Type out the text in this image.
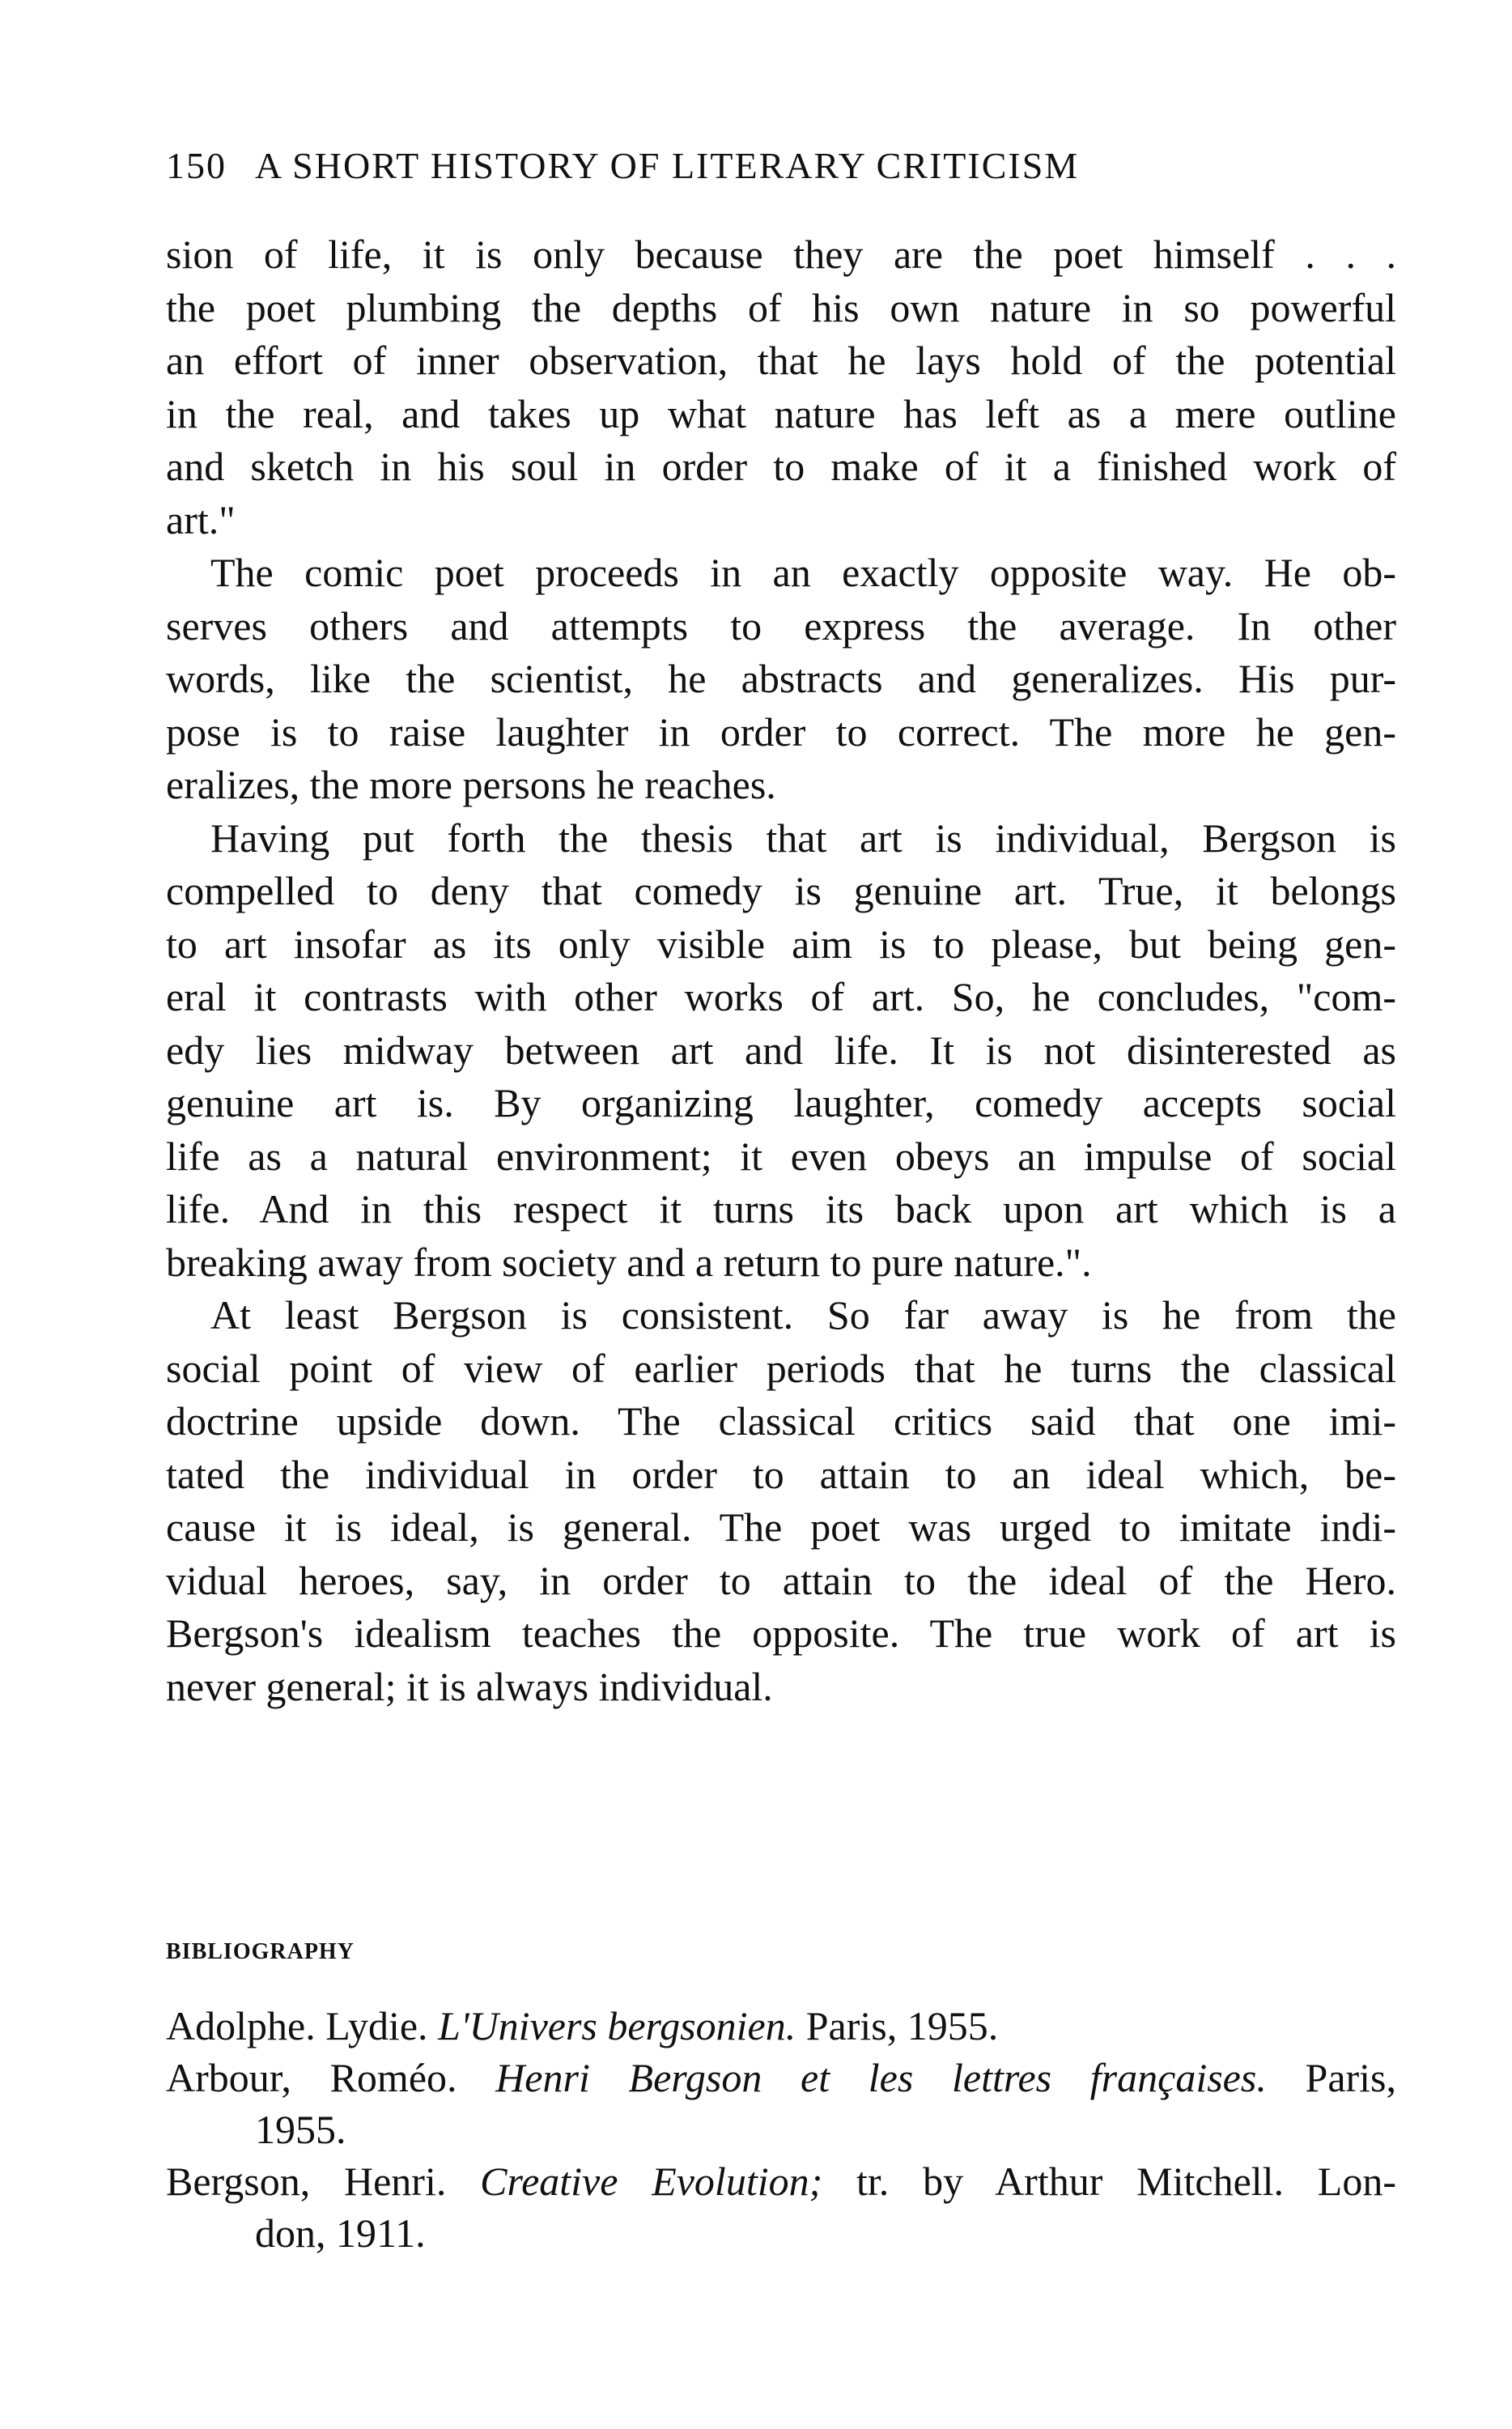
150 A SHORT HISTORY OF LITERARY CRITICISM
sion of life, it is only because they are the poet himself . . .
the poet plumbing the depths of his own nature in so powerful
an effort of inner observation, that he lays hold of the potential
in the real, and takes up what nature has left as a mere outline
and sketch in his soul in order to make of it a finished work of
art."
The comic poet proceeds in an exactly opposite way. He ob-
serves others and attempts to express the average. In other
words, like the scientist, he abstracts and generalizes. His pur-
pose is to raise laughter in order to correct. The more he gen-
eralizes, the more persons he reaches.
Having put forth the thesis that art is individual, Bergson is
compelled to deny that comedy is genuine art. True, it belongs
to art insofar as its only visible aim is to please, but being gen-
eral it contrasts with other works of art. So, he concludes, "com-
edy lies midway between art and life. It is not disinterested as
genuine art is. By organizing laughter, comedy accepts social
life as a natural environment; it even obeys an impulse of social
life. And in this respect it turns its back upon art which is a
breaking away from society and a return to pure nature.".
At least Bergson is consistent. So far away is he from the
social point of view of earlier periods that he turns the classical
doctrine upside down. The classical critics said that one imi-
tated the individual in order to attain to an ideal which, be-
cause it is ideal, is general. The poet was urged to imitate indi-
vidual heroes, say, in order to attain to the ideal of the Hero.
Bergson's idealism teaches the opposite. The true work of art is
never general; it is always individual.
BIBLIOGRAPHY
Adolphe. Lydie. L'Univers bergsonien. Paris, 1955.
Arbour, Roméo. Henri Bergson et les lettres françaises. Paris,
1955.
Bergson, Henri. Creative Evolution; tr. by Arthur Mitchell. Lon-
don, 1911.
